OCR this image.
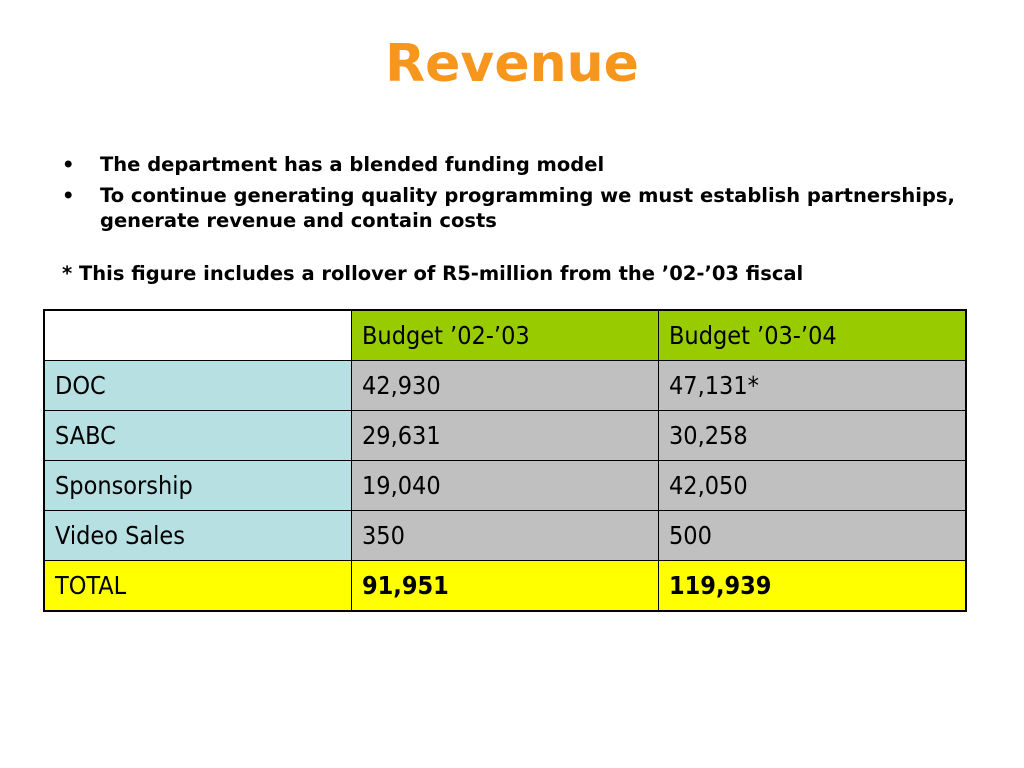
Revenue
• The department has a blended funding model
• To continue generating quality programming we must establish partnerships, generate revenue and contain costs
* This figure includes a rollover of R5-million from the ’02-’03 fiscal
	Budget ’02-’03	Budget ’03-’04
DOC	42,930	47,131*
SABC	29,631	30,258
Sponsorship	19,040	42,050
Video Sales	350	500
TOTAL	91,951	119,939
